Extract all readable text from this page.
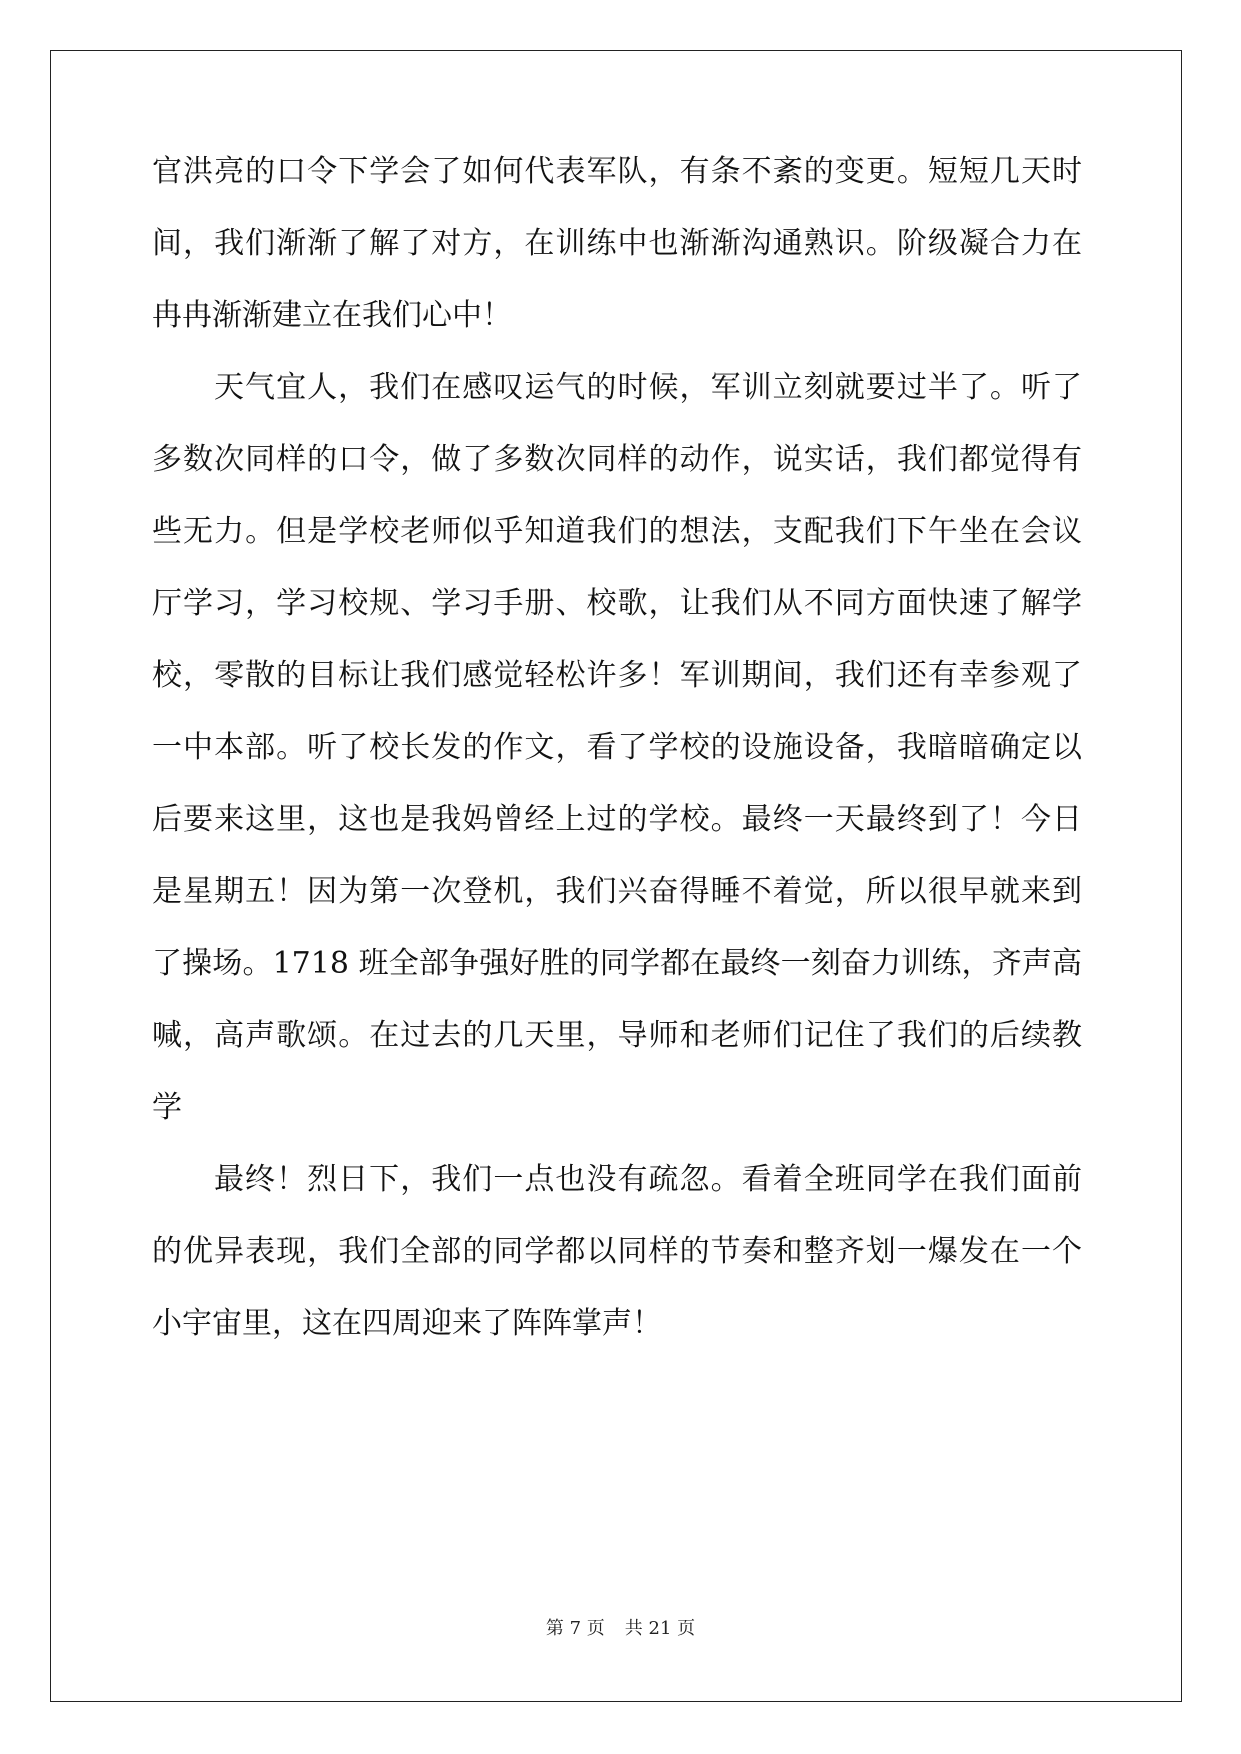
官洪亮的口令下学会了如何代表军队，有条不紊的变更。短短几天时
间，我们渐渐了解了对方，在训练中也渐渐沟通熟识。阶级凝合力在
冉冉渐渐建立在我们心中！
天气宜人，我们在感叹运气的时候，军训立刻就要过半了。听了
多数次同样的口令，做了多数次同样的动作，说实话，我们都觉得有
些无力。但是学校老师似乎知道我们的想法，支配我们下午坐在会议
厅学习，学习校规、学习手册、校歌，让我们从不同方面快速了解学
校，零散的目标让我们感觉轻松许多！军训期间，我们还有幸参观了
一中本部。听了校长发的作文，看了学校的设施设备，我暗暗确定以
后要来这里，这也是我妈曾经上过的学校。最终一天最终到了！今日
是星期五！因为第一次登机，我们兴奋得睡不着觉，所以很早就来到
了操场。1718 班全部争强好胜的同学都在最终一刻奋力训练，齐声高
喊，高声歌颂。在过去的几天里，导师和老师们记住了我们的后续教
学
最终！烈日下，我们一点也没有疏忽。看着全班同学在我们面前
的优异表现，我们全部的同学都以同样的节奏和整齐划一爆发在一个
小宇宙里，这在四周迎来了阵阵掌声！
第 7 页 共 21 页
